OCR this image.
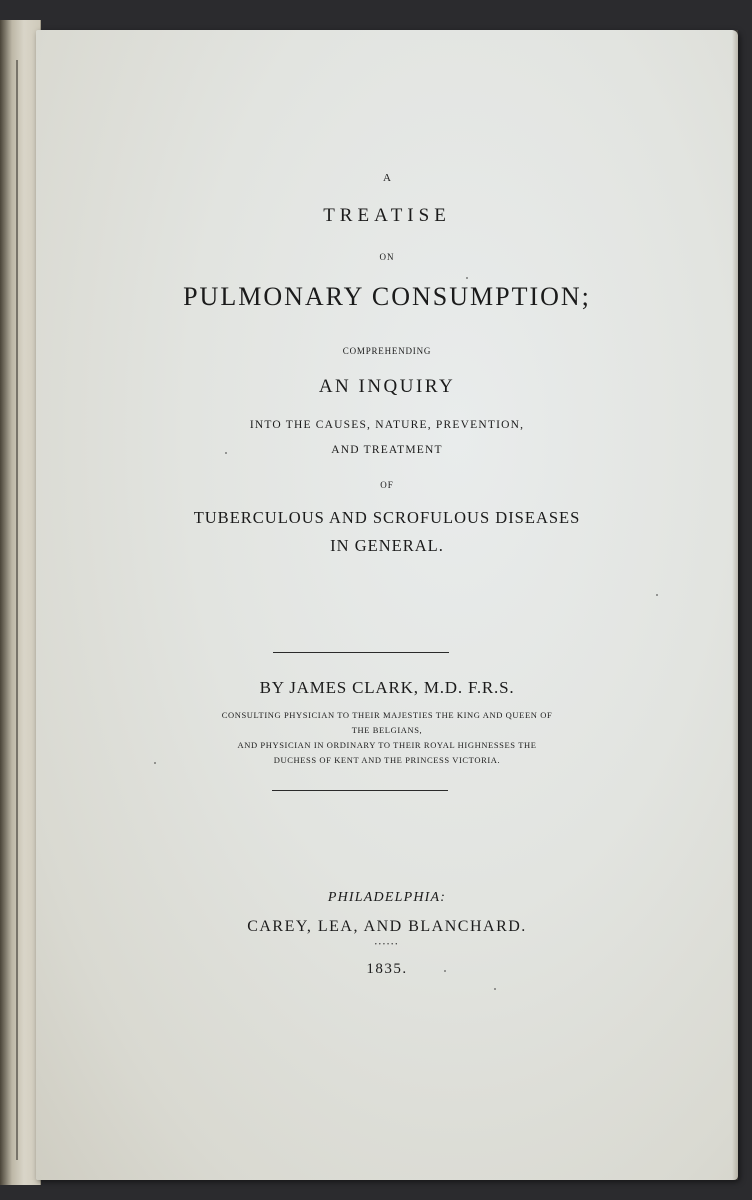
A
TREATISE
ON
PULMONARY CONSUMPTION;
COMPREHENDING
AN INQUIRY
INTO THE CAUSES, NATURE, PREVENTION,
AND TREATMENT
OF
TUBERCULOUS AND SCROFULOUS DISEASES
IN GENERAL.
BY JAMES CLARK, M.D. F.R.S.
CONSULTING PHYSICIAN TO THEIR MAJESTIES THE KING AND QUEEN OF
THE BELGIANS,
AND PHYSICIAN IN ORDINARY TO THEIR ROYAL HIGHNESSES THE
DUCHESS OF KENT AND THE PRINCESS VICTORIA.
PHILADELPHIA:
CAREY, LEA, AND BLANCHARD.
••••••
1835.
